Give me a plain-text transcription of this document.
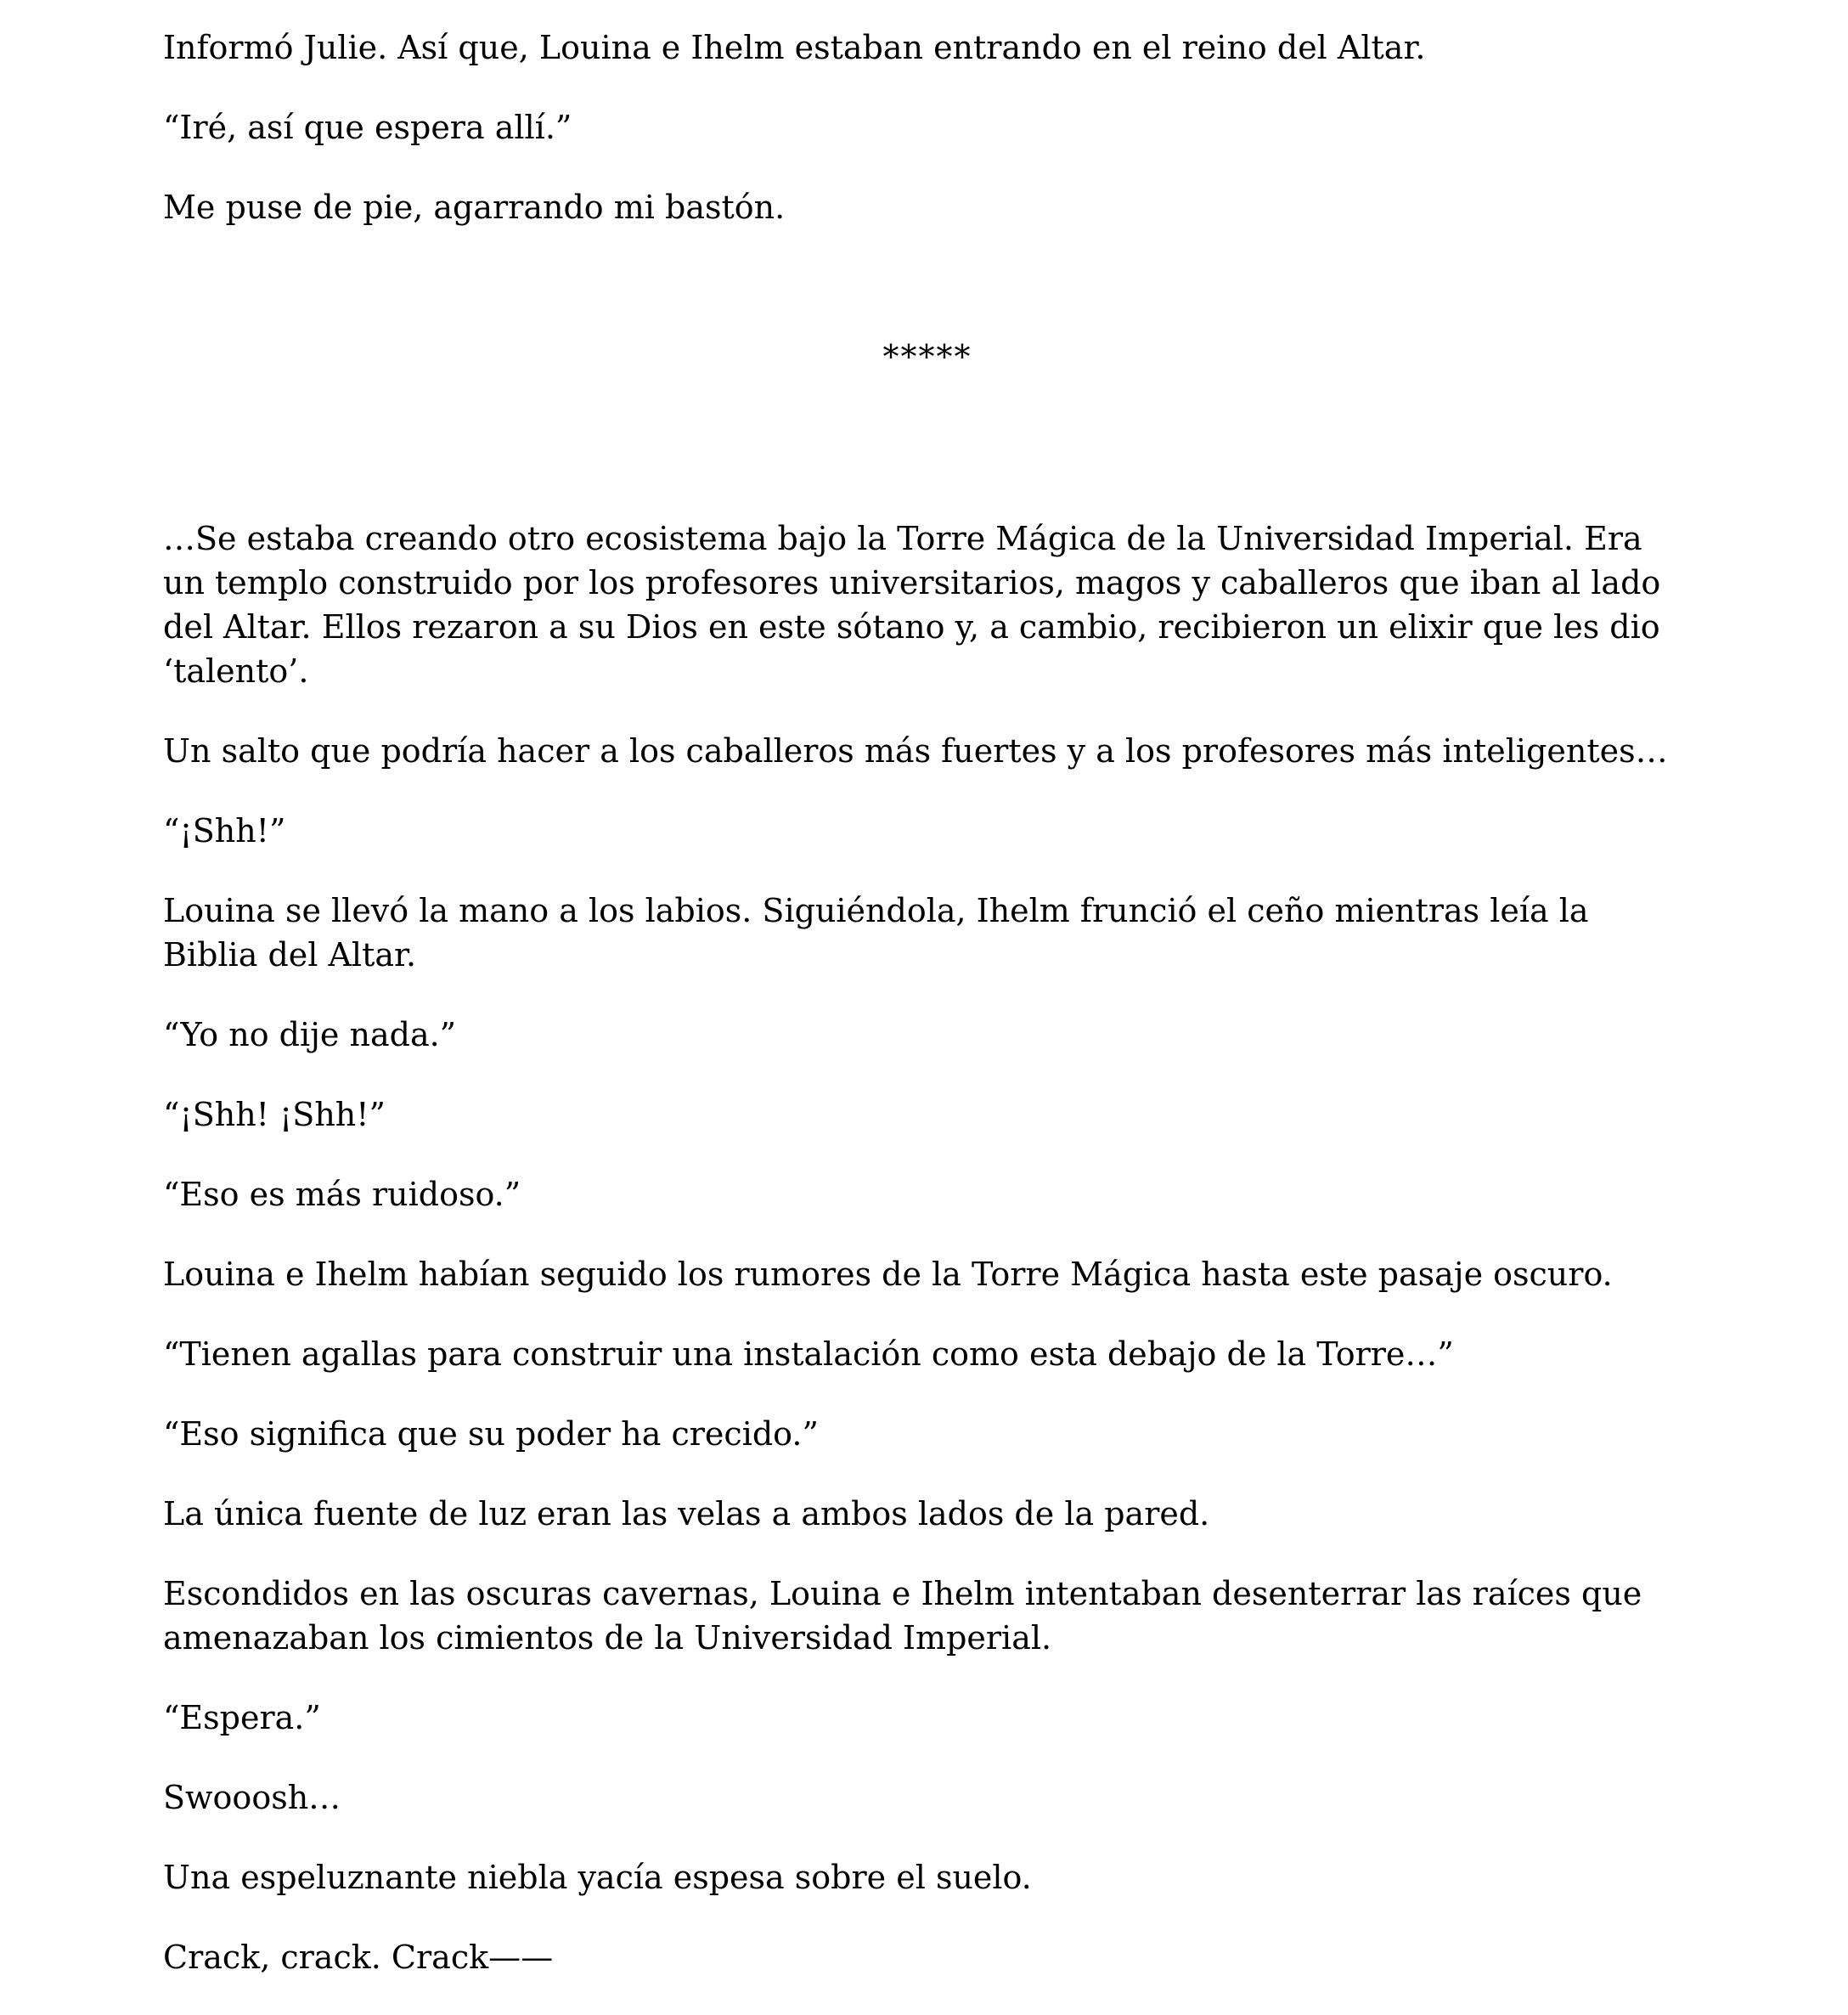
Informó Julie. Así que, Louina e Ihelm estaban entrando en el reino del Altar.

“Iré, así que espera allí.”

Me puse de pie, agarrando mi bastón.

*****

…Se estaba creando otro ecosistema bajo la Torre Mágica de la Universidad Imperial. Era un templo construido por los profesores universitarios, magos y caballeros que iban al lado del Altar. Ellos rezaron a su Dios en este sótano y, a cambio, recibieron un elixir que les dio ‘talento’.

Un salto que podría hacer a los caballeros más fuertes y a los profesores más inteligentes…

“¡Shh!”

Louina se llevó la mano a los labios. Siguiéndola, Ihelm frunció el ceño mientras leía la Biblia del Altar.

“Yo no dije nada.”

“¡Shh! ¡Shh!”

“Eso es más ruidoso.”

Louina e Ihelm habían seguido los rumores de la Torre Mágica hasta este pasaje oscuro.

“Tienen agallas para construir una instalación como esta debajo de la Torre…”

“Eso significa que su poder ha crecido.”

La única fuente de luz eran las velas a ambos lados de la pared.

Escondidos en las oscuras cavernas, Louina e Ihelm intentaban desenterrar las raíces que amenazaban los cimientos de la Universidad Imperial.

“Espera.”

Swooosh…

Una espeluznante niebla yacía espesa sobre el suelo.

Crack, crack. Crack——
